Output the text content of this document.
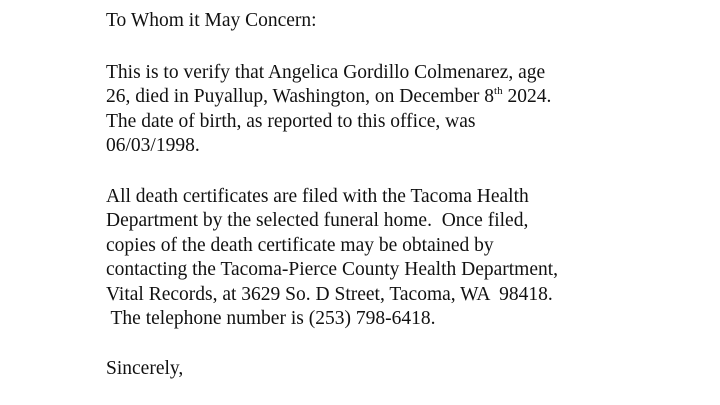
To Whom it May Concern:
This is to verify that Angelica Gordillo Colmenarez, age
26, died in Puyallup, Washington, on December 8th 2024.
The date of birth, as reported to this office, was
06/03/1998.
All death certificates are filed with the Tacoma Health
Department by the selected funeral home.  Once filed,
copies of the death certificate may be obtained by
contacting the Tacoma-Pierce County Health Department,
Vital Records, at 3629 So. D Street, Tacoma, WA  98418.
The telephone number is (253) 798-6418.
Sincerely,
